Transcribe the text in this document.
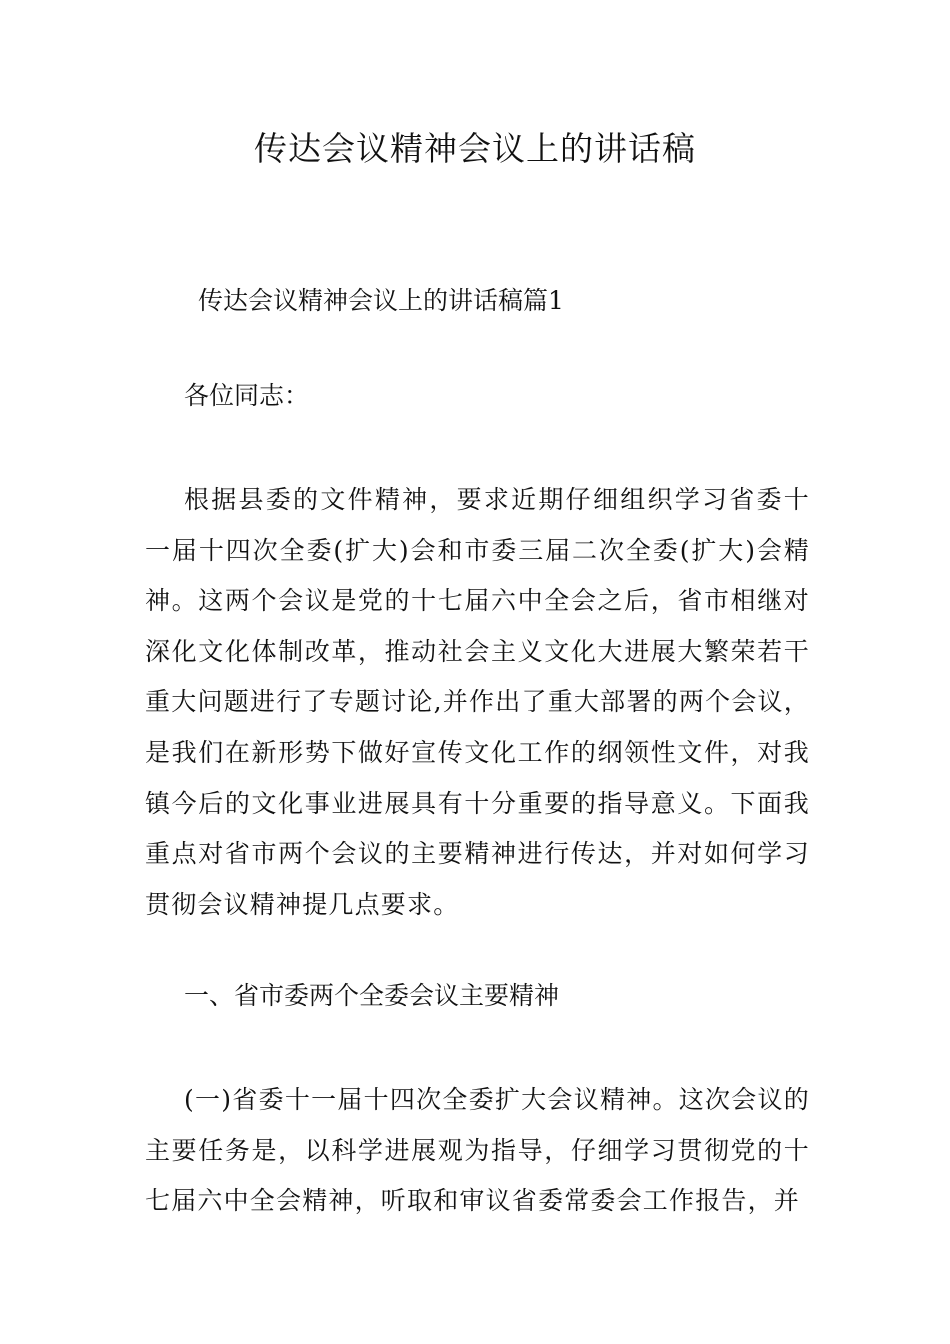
传达会议精神会议上的讲话稿

传达会议精神会议上的讲话稿篇1

各位同志：

根据县委的文件精神，要求近期仔细组织学习省委十一届十四次全委(扩大)会和市委三届二次全委(扩大)会精神。这两个会议是党的十七届六中全会之后，省市相继对深化文化体制改革，推动社会主义文化大进展大繁荣若干重大问题进行了专题讨论,并作出了重大部署的两个会议，是我们在新形势下做好宣传文化工作的纲领性文件，对我镇今后的文化事业进展具有十分重要的指导意义。下面我重点对省市两个会议的主要精神进行传达，并对如何学习贯彻会议精神提几点要求。

一、省市委两个全委会议主要精神

(一)省委十一届十四次全委扩大会议精神。这次会议的主要任务是，以科学进展观为指导，仔细学习贯彻党的十七届六中全会精神，听取和审议省委常委会工作报告，并
